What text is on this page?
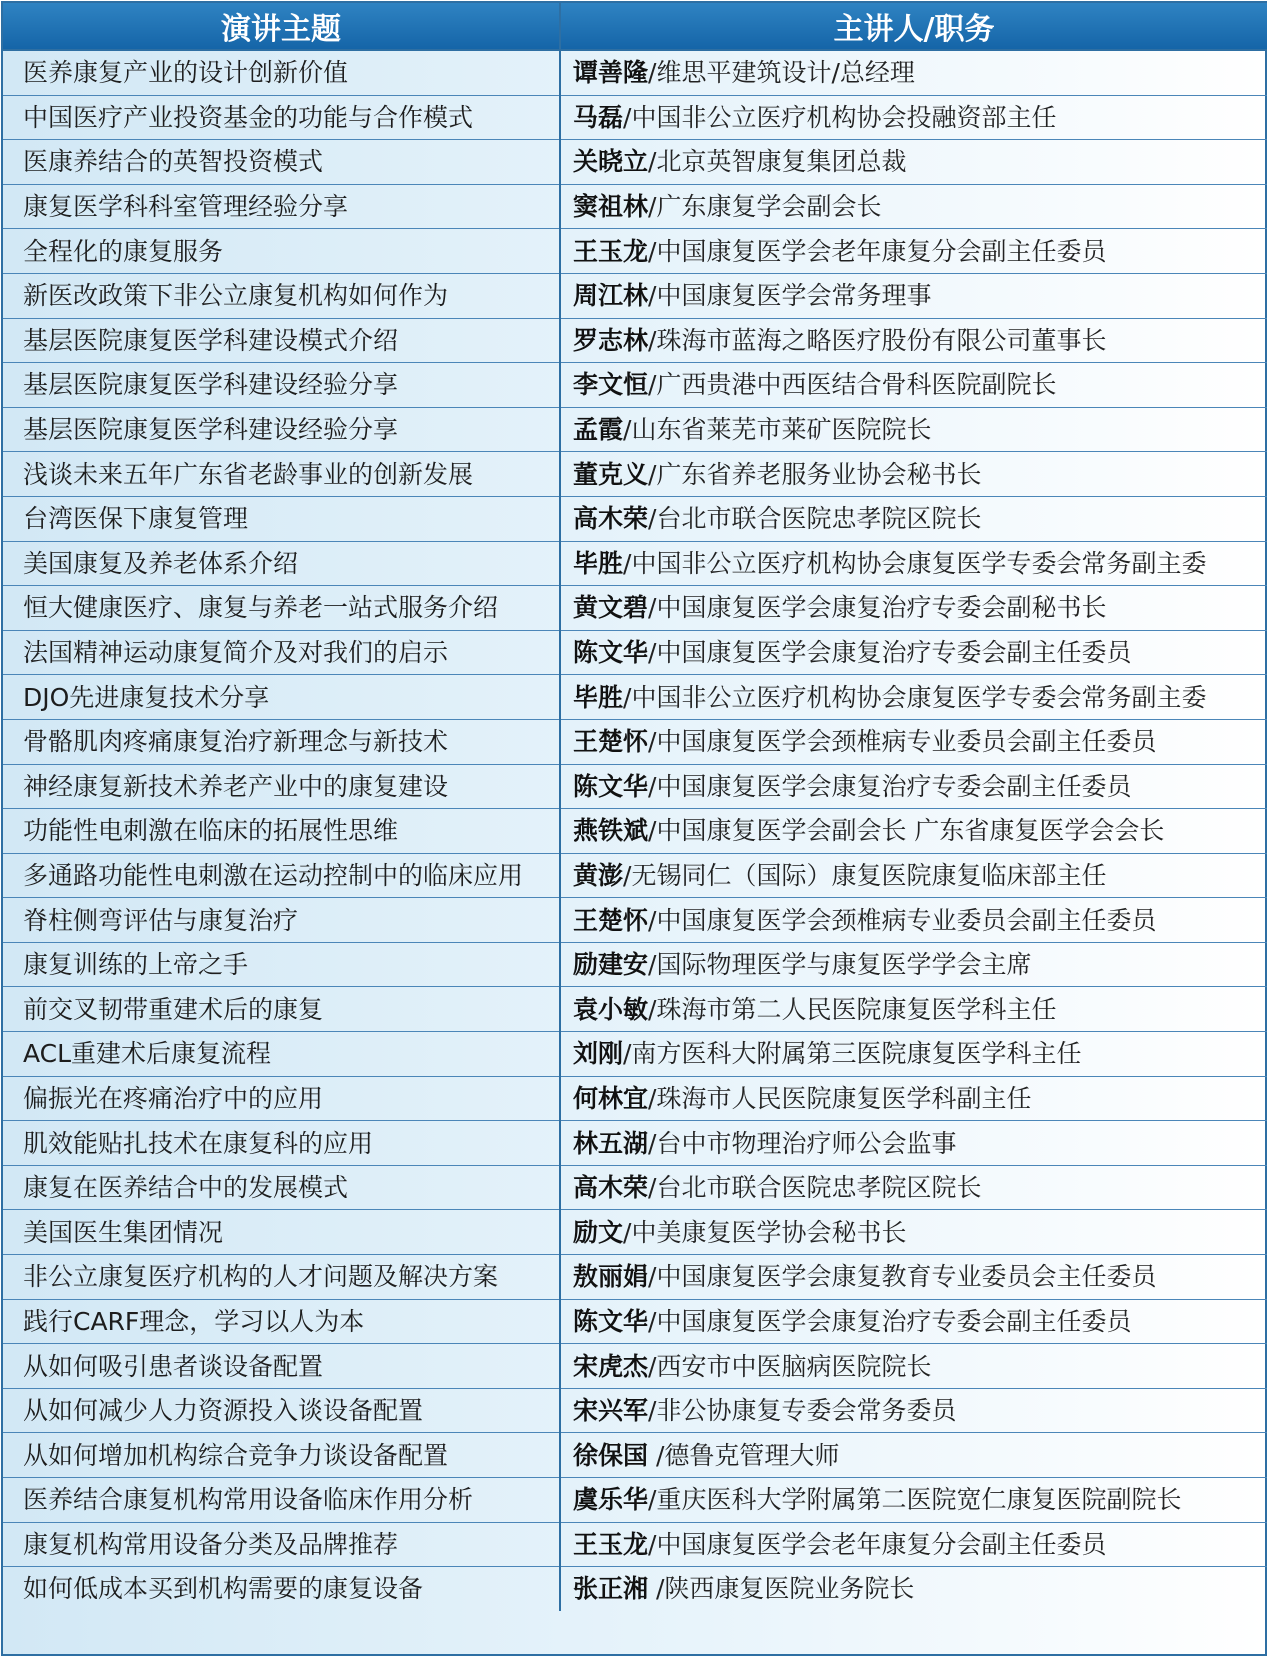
演讲主题	主讲人/职务
医养康复产业的设计创新价值	谭善隆/维思平建筑设计/总经理
中国医疗产业投资基金的功能与合作模式	马磊/中国非公立医疗机构协会投融资部主任
医康养结合的英智投资模式	关晓立/北京英智康复集团总裁
康复医学科科室管理经验分享	窦祖林/广东康复学会副会长
全程化的康复服务	王玉龙/中国康复医学会老年康复分会副主任委员
新医改政策下非公立康复机构如何作为	周江林/中国康复医学会常务理事
基层医院康复医学科建设模式介绍	罗志林/珠海市蓝海之略医疗股份有限公司董事长
基层医院康复医学科建设经验分享	李文恒/广西贵港中西医结合骨科医院副院长
基层医院康复医学科建设经验分享	孟霞/山东省莱芜市莱矿医院院长
浅谈未来五年广东省老龄事业的创新发展	董克义/广东省养老服务业协会秘书长
台湾医保下康复管理	高木荣/台北市联合医院忠孝院区院长
美国康复及养老体系介绍	毕胜/中国非公立医疗机构协会康复医学专委会常务副主委
恒大健康医疗、康复与养老一站式服务介绍	黄文碧/中国康复医学会康复治疗专委会副秘书长
法国精神运动康复简介及对我们的启示	陈文华/中国康复医学会康复治疗专委会副主任委员
DJO先进康复技术分享	毕胜/中国非公立医疗机构协会康复医学专委会常务副主委
骨骼肌肉疼痛康复治疗新理念与新技术	王楚怀/中国康复医学会颈椎病专业委员会副主任委员
神经康复新技术养老产业中的康复建设	陈文华/中国康复医学会康复治疗专委会副主任委员
功能性电刺激在临床的拓展性思维	燕铁斌/中国康复医学会副会长 广东省康复医学会会长
多通路功能性电刺激在运动控制中的临床应用	黄澎/无锡同仁（国际）康复医院康复临床部主任
脊柱侧弯评估与康复治疗	王楚怀/中国康复医学会颈椎病专业委员会副主任委员
康复训练的上帝之手	励建安/国际物理医学与康复医学学会主席
前交叉韧带重建术后的康复	袁小敏/珠海市第二人民医院康复医学科主任
ACL重建术后康复流程	刘刚/南方医科大附属第三医院康复医学科主任
偏振光在疼痛治疗中的应用	何林宜/珠海市人民医院康复医学科副主任
肌效能贴扎技术在康复科的应用	林五湖/台中市物理治疗师公会监事
康复在医养结合中的发展模式	高木荣/台北市联合医院忠孝院区院长
美国医生集团情况	励文/中美康复医学协会秘书长
非公立康复医疗机构的人才问题及解决方案	敖丽娟/中国康复医学会康复教育专业委员会主任委员
践行CARF理念，学习以人为本	陈文华/中国康复医学会康复治疗专委会副主任委员
从如何吸引患者谈设备配置	宋虎杰/西安市中医脑病医院院长
从如何减少人力资源投入谈设备配置	宋兴军/非公协康复专委会常务委员
从如何增加机构综合竞争力谈设备配置	徐保国 /德鲁克管理大师
医养结合康复机构常用设备临床作用分析	虞乐华/重庆医科大学附属第二医院宽仁康复医院副院长
康复机构常用设备分类及品牌推荐	王玉龙/中国康复医学会老年康复分会副主任委员
如何低成本买到机构需要的康复设备	张正湘 /陕西康复医院业务院长
